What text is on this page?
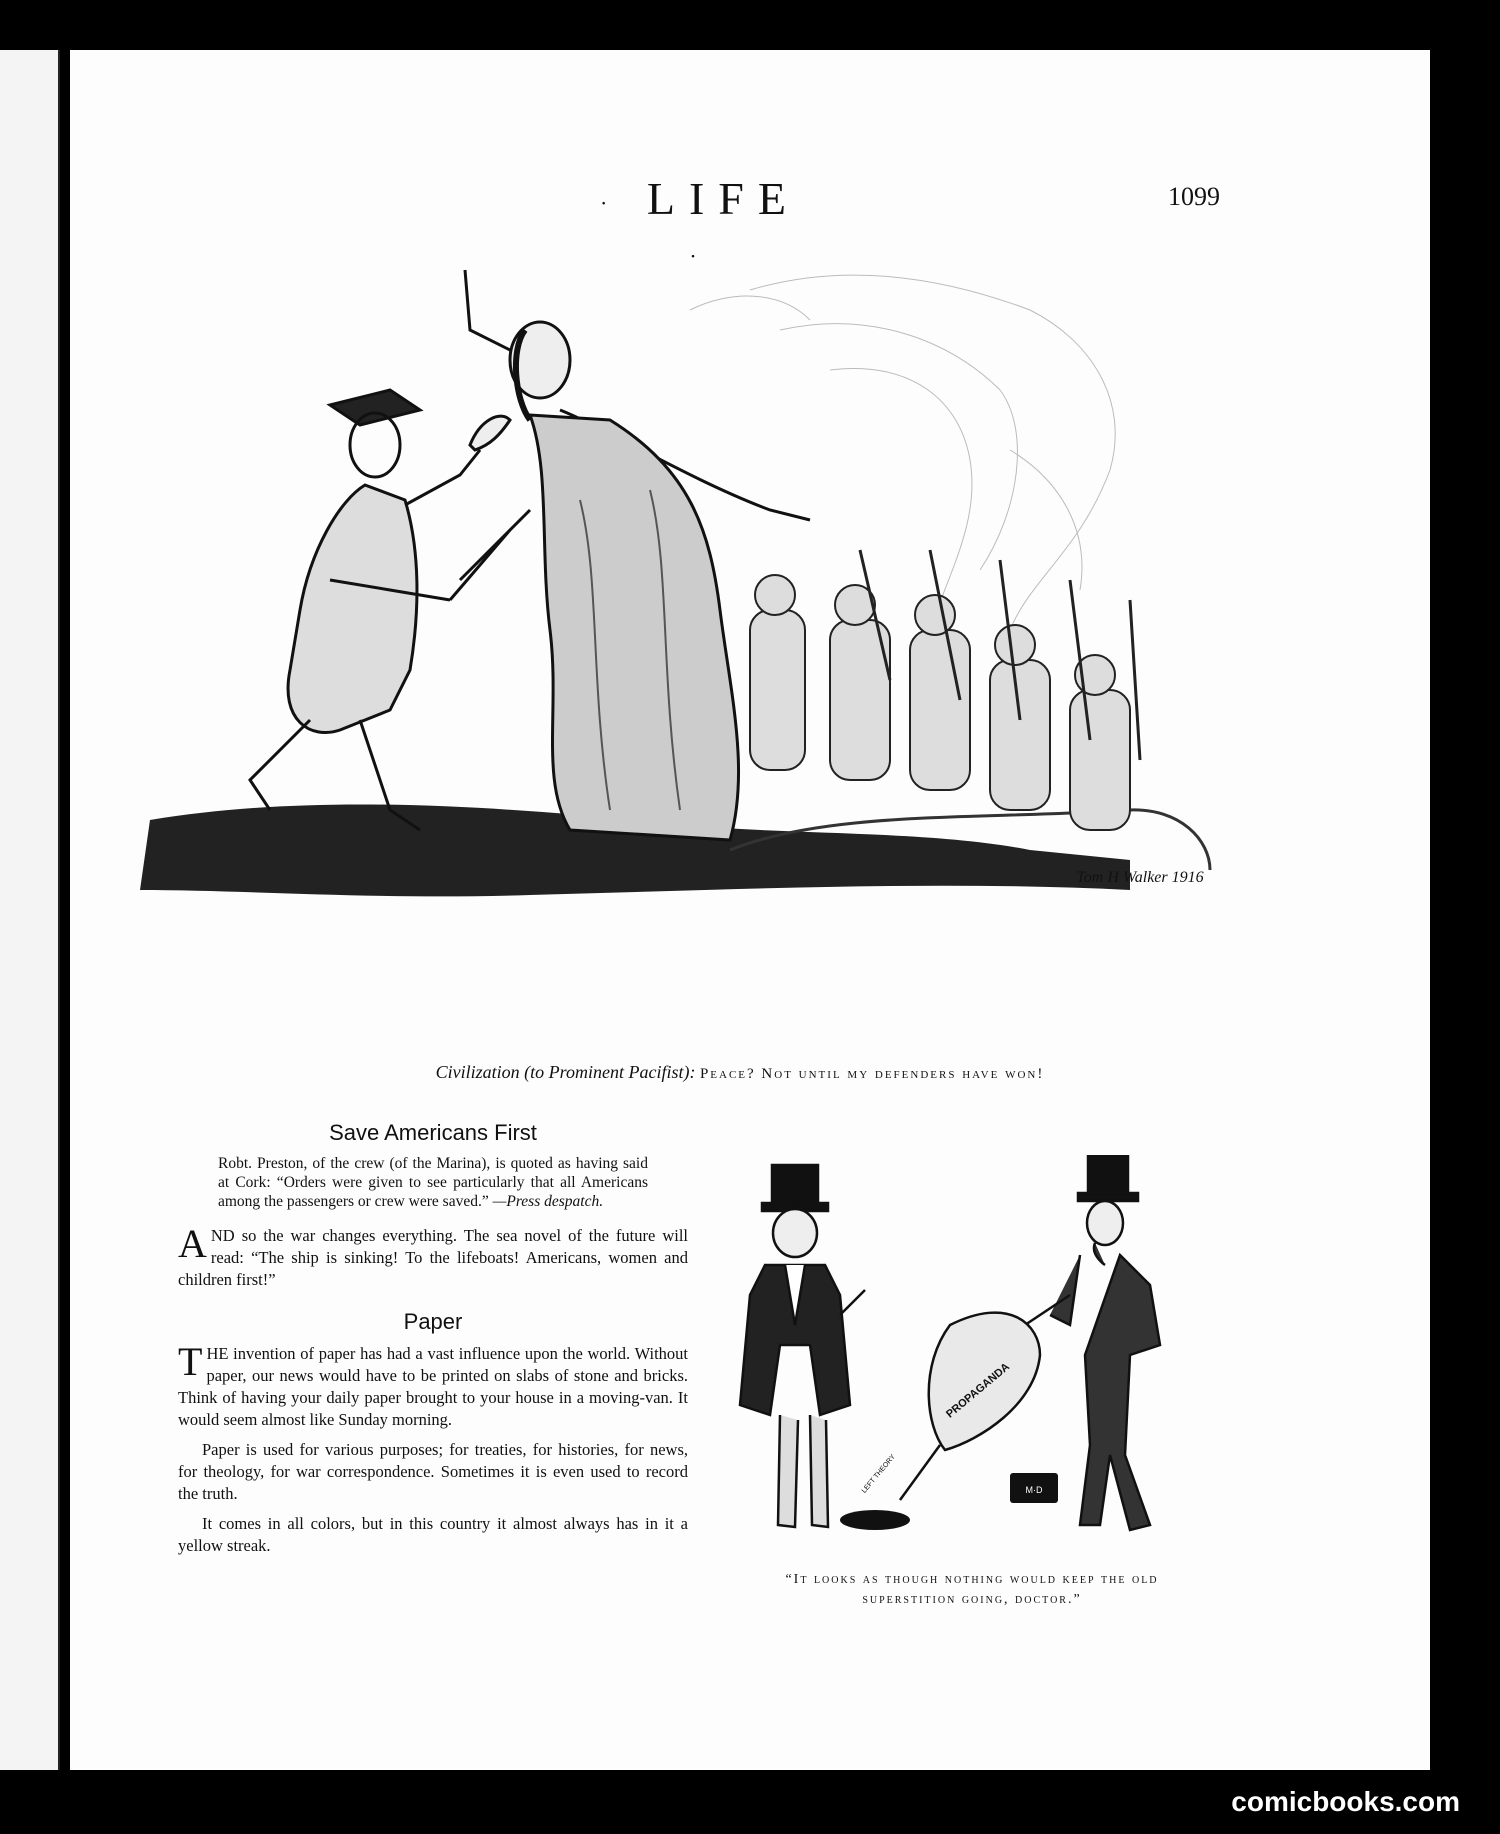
· LIFE ·
1099
Tom H Walker 1916
Civilization (to Prominent Pacifist): Peace? Not until my defenders have won!
Save Americans First

Robt. Preston, of the crew (of the Marina), is quoted as having said at Cork: “Orders were given to see particularly that all Americans among the passengers or crew were saved.” —Press despatch.

A ND so the war changes everything. The sea novel of the future will read: “The ship is sinking! To the lifeboats! Americans, women and children first!”

Paper

T HE invention of paper has had a vast influence upon the world. Without paper, our news would have to be printed on slabs of stone and bricks. Think of having your daily paper brought to your house in a moving-van. It would seem almost like Sunday morning.

Paper is used for various purposes; for treaties, for histories, for news, for theology, for war correspondence. Sometimes it is even used to record the truth.

It comes in all colors, but in this country it almost always has in it a yellow streak.

PROPAGANDA
LEFT THEORY	M·D
“It looks as though nothing would keep the old
superstition going, doctor.”
comicbooks.com
